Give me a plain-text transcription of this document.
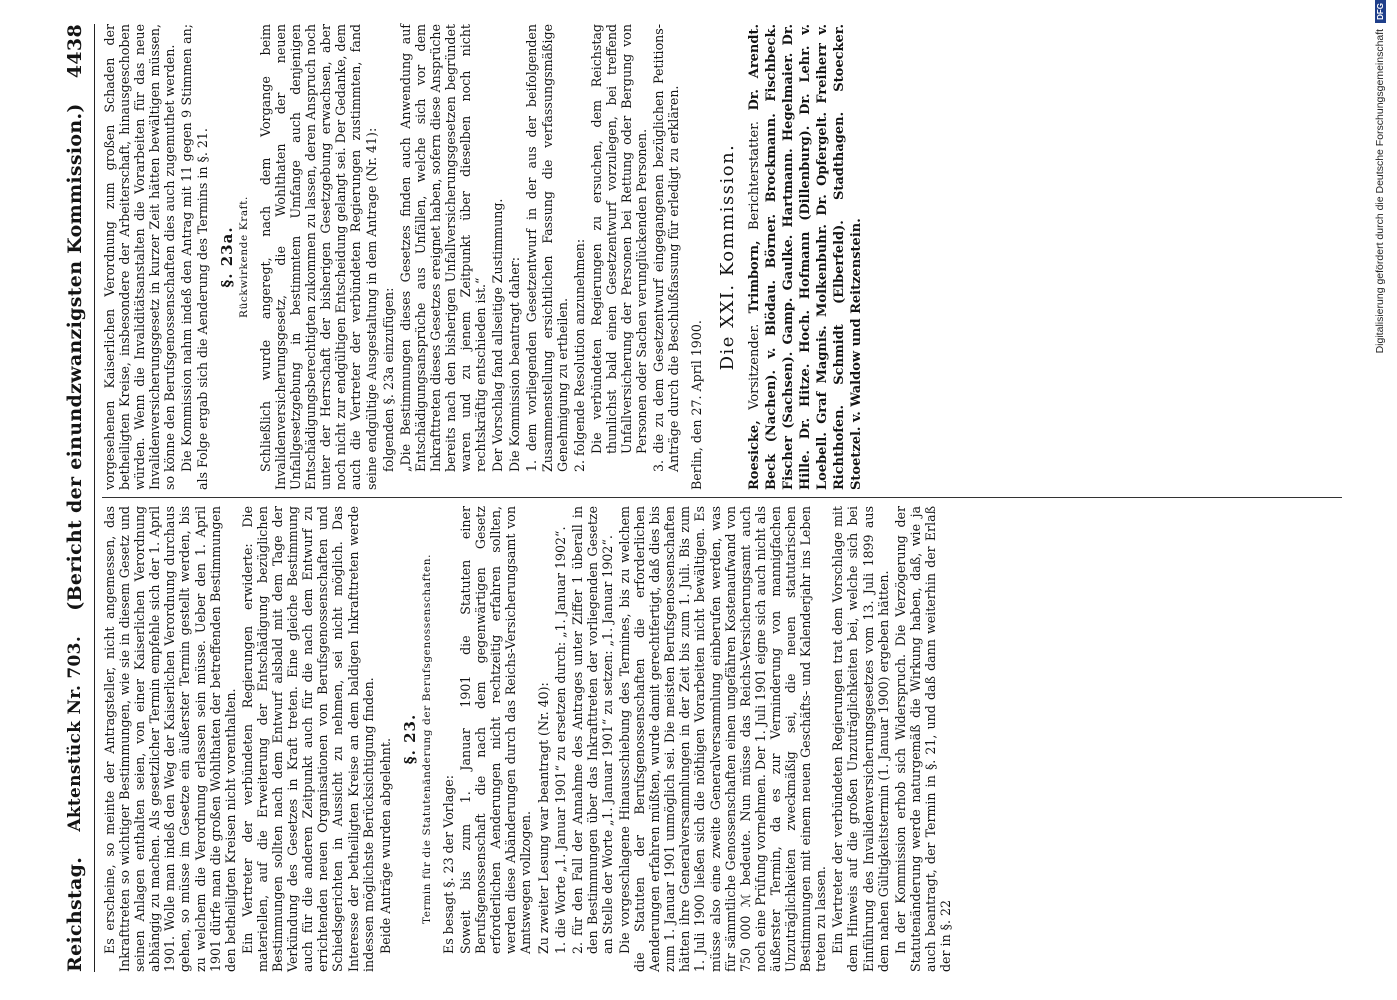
Reichstag.
Aktenstück Nr. 703.
(Bericht der einundzwanzigsten Kommission.)
4438

Es erscheine, so meinte der Antragsteller, nicht angemessen, das Inkrafttreten so wichtiger Bestimmungen, wie sie in diesem Gesetz und seinen Anlagen enthalten seien, von einer Kaiserlichen Verordnung abhängig zu machen. Als gesetzlicher Termin empfehle sich der 1. April 1901. Wolle man indeß den Weg der Kaiserlichen Verordnung durchaus gehen, so müsse im Gesetze ein äußerster Termin gestellt werden, bis zu welchem die Verordnung erlassen sein müsse. Ueber den 1. April 1901 dürfe man die großen Wohlthaten der betreffenden Bestimmungen den betheiligten Kreisen nicht vorenthalten. Ein Vertreter der verbündeten Regierungen erwiderte: Die materiellen, auf die Erweiterung der Entschädigung bezüglichen Bestimmungen sollten nach dem Entwurf alsbald mit dem Tage der Verkündung des Gesetzes in Kraft treten. Eine gleiche Bestimmung auch für die anderen Zeitpunkt auch für die nach dem Entwurf zu errichtenden neuen Organisationen von Berufsgenossenschaften und Schiedsgerichten in Aussicht zu nehmen, sei nicht möglich. Das Interesse der betheiligten Kreise an dem baldigen Inkrafttreten werde indessen möglichste Berücksichtigung finden. Beide Anträge wurden abgelehnt. §. 23. Termin für die Statutenänderung der Berufsgenossenschaften. Es besagt §. 23 der Vorlage: Soweit bis zum 1. Januar 1901 die Statuten einer Berufsgenossenschaft die nach dem gegenwärtigen Gesetz erforderlichen Aenderungen nicht rechtzeitig erfahren sollten, werden diese Abänderungen durch das Reichs-Versicherungsamt von Amtswegen vollzogen. Zu zweiter Lesung war beantragt (Nr. 40): 1. die Worte „1. Januar 1901“ zu ersetzen durch: „1. Januar 1902“. 2. für den Fall der Annahme des Antrages unter Ziffer 1 überall in den Bestimmungen über das Inkrafttreten der vorliegenden Gesetze an Stelle der Worte „1. Januar 1901“ zu setzen: „1. Januar 1902“. Die vorgeschlagene Hinausschiebung des Termines, bis zu welchem die Statuten der Berufsgenossenschaften die erforderlichen Aenderungen erfahren müßten, wurde damit gerechtfertigt, daß dies bis zum 1. Januar 1901 unmöglich sei. Die meisten Berufsgenossenschaften hätten ihre Generalversammlungen in der Zeit bis zum 1. Juli. Bis zum 1. Juli 1900 ließen sich die nöthigen Vorarbeiten nicht bewältigen. Es müsse also eine zweite Generalversammlung einberufen werden, was für sämmtliche Genossenschaften einen ungefähren Kostenaufwand von 750 000 ℳ bedeute. Nun müsse das Reichs-Versicherungsamt auch noch eine Prüfung vornehmen. Der 1. Juli 1901 eigne sich auch nicht als äußerster Termin, da es zur Verminderung von mannigfachen Unzuträglichkeiten zweckmäßig sei, die neuen statutarischen Bestimmungen mit einem neuen Geschäfts- und Kalenderjahr ins Leben treten zu lassen. Ein Vertreter der verbündeten Regierungen trat dem Vorschlage mit dem Hinweis auf die großen Unzuträglichkeiten bei, welche sich bei Einführung des Invalidenversicherungsgesetzes vom 13. Juli 1899 aus dem nahen Gültigkeitstermin (1. Januar 1900) ergeben hätten. In der Kommission erhob sich Widerspruch. Die Verzögerung der Statutenänderung werde naturgemäß die Wirkung haben, daß, wie ja auch beantragt, der Termin in §. 21, und daß dann weiterhin der Erlaß der in §. 22

vorgesehenen Kaiserlichen Verordnung zum großen Schaden der betheiligten Kreise, insbesondere der Arbeiterschaft, hinausgeschoben würden. Wenn die Invaliditätsanstalten die Vorarbeiten für das neue Invalidenversicherungsgesetz in kurzer Zeit hätten bewältigen müssen, so könne den Berufsgenossenschaften dies auch zugemuthet werden. Die Kommission nahm indeß den Antrag mit 11 gegen 9 Stimmen an; als Folge ergab sich die Aenderung des Termins in §. 21. §. 23a. Rückwirkende Kraft. Schließlich wurde angeregt, nach dem Vorgange beim Invalidenversicherungsgesetz, die Wohlthaten der neuen Unfallgesetzgebung in bestimmtem Umfange auch denjenigen Entschädigungsberechtigten zukommen zu lassen, deren Anspruch noch unter der Herrschaft der bisherigen Gesetzgebung erwachsen, aber noch nicht zur endgültigen Entscheidung gelangt sei. Der Gedanke, dem auch die Vertreter der verbündeten Regierungen zustimmten, fand seine endgültige Ausgestaltung in dem Antrage (Nr. 41): folgenden §. 23a einzufügen: „Die Bestimmungen dieses Gesetzes finden auch Anwendung auf Entschädigungsansprüche aus Unfällen, welche sich vor dem Inkrafttreten dieses Gesetzes ereignet haben, sofern diese Ansprüche bereits nach den bisherigen Unfallversicherungsgesetzen begründet waren und zu jenem Zeitpunkt über dieselben noch nicht rechtskräftig entschieden ist.“ Der Vorschlag fand allseitige Zustimmung. Die Kommission beantragt daher: 1. dem vorliegenden Gesetzentwurf in der aus der beifolgenden Zusammenstellung ersichtlichen Fassung die verfassungsmäßige Genehmigung zu ertheilen. 2. folgende Resolution anzunehmen: Die verbündeten Regierungen zu ersuchen, dem Reichstag thunlichst bald einen Gesetzentwurf vorzulegen, bei treffend Unfallversicherung der Personen bei Rettung oder Bergung von Personen oder Sachen verunglückenden Personen. 3. die zu dem Gesetzentwurf eingegangenen bezüglichen Petitions-Anträge durch die Beschlußfassung für erledigt zu erklären. Berlin, den 27. April 1900.

Die XXI. Kommission.
Roesicke, Vorsitzender. Trimborn, Berichterstatter. Dr. Arendt. Beck (Nachen). v. Blödau. Börner. Brockmann. Fischbeck. Fischer (Sachsen). Gamp. Gaulke. Hartmann. Hegelmaier. Dr. Hille. Dr. Hitze. Hoch. Hofmann (Dillenburg). Dr. Lehr. v. Loebell. Graf Magnis. Molkenbuhr. Dr. Opfergelt. Freiherr v. Richthofen. Schmidt (Elberfeld). Stadthagen. Stoecker. Stoetzel. v. Waldow und Reitzenstein.
Digitalisierung gefördert durch die Deutsche Forschungsgemeinschaft
DFG
